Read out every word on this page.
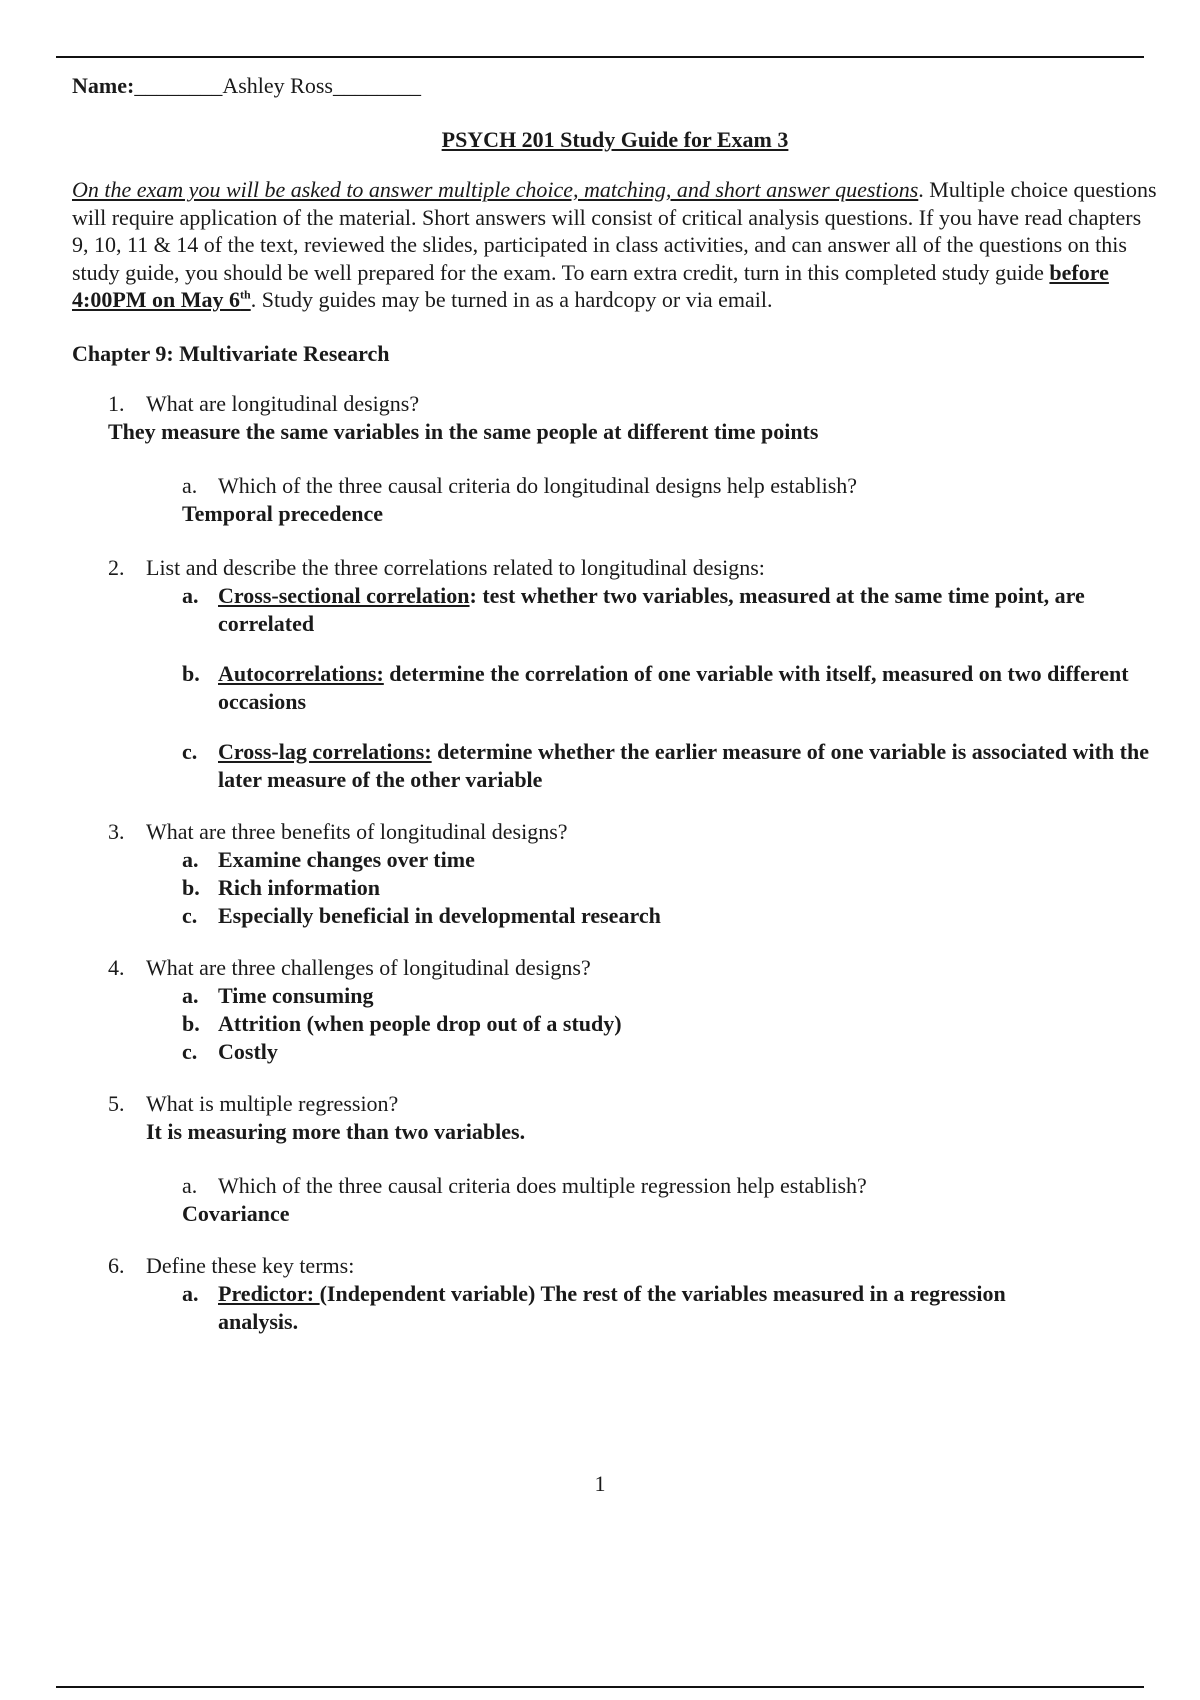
Name:________Ashley Ross________

PSYCH 201 Study Guide for Exam 3
On the exam you will be asked to answer multiple choice, matching, and short answer questions. Multiple choice questions will require application of the material. Short answers will consist of critical analysis questions. If you have read chapters 9, 10, 11 & 14 of the text, reviewed the slides, participated in class activities, and can answer all of the questions on this study guide, you should be well prepared for the exam. To earn extra credit, turn in this completed study guide before 4:00PM on May 6th. Study guides may be turned in as a hardcopy or via email.
Chapter 9: Multivariate Research
1. What are longitudinal designs?
They measure the same variables in the same people at different time points
a. Which of the three causal criteria do longitudinal designs help establish?
Temporal precedence
2. List and describe the three correlations related to longitudinal designs:
a. Cross-sectional correlation: test whether two variables, measured at the same time point, are correlated
b. Autocorrelations: determine the correlation of one variable with itself, measured on two different occasions
c. Cross-lag correlations: determine whether the earlier measure of one variable is associated with the later measure of the other variable
3. What are three benefits of longitudinal designs?
a. Examine changes over time
b. Rich information
c. Especially beneficial in developmental research
4. What are three challenges of longitudinal designs?
a. Time consuming
b. Attrition (when people drop out of a study)
c. Costly
5. What is multiple regression?
It is measuring more than two variables.
a. Which of the three causal criteria does multiple regression help establish?
Covariance
6. Define these key terms:
a. Predictor: (Independent variable) The rest of the variables measured in a regression analysis.
1
